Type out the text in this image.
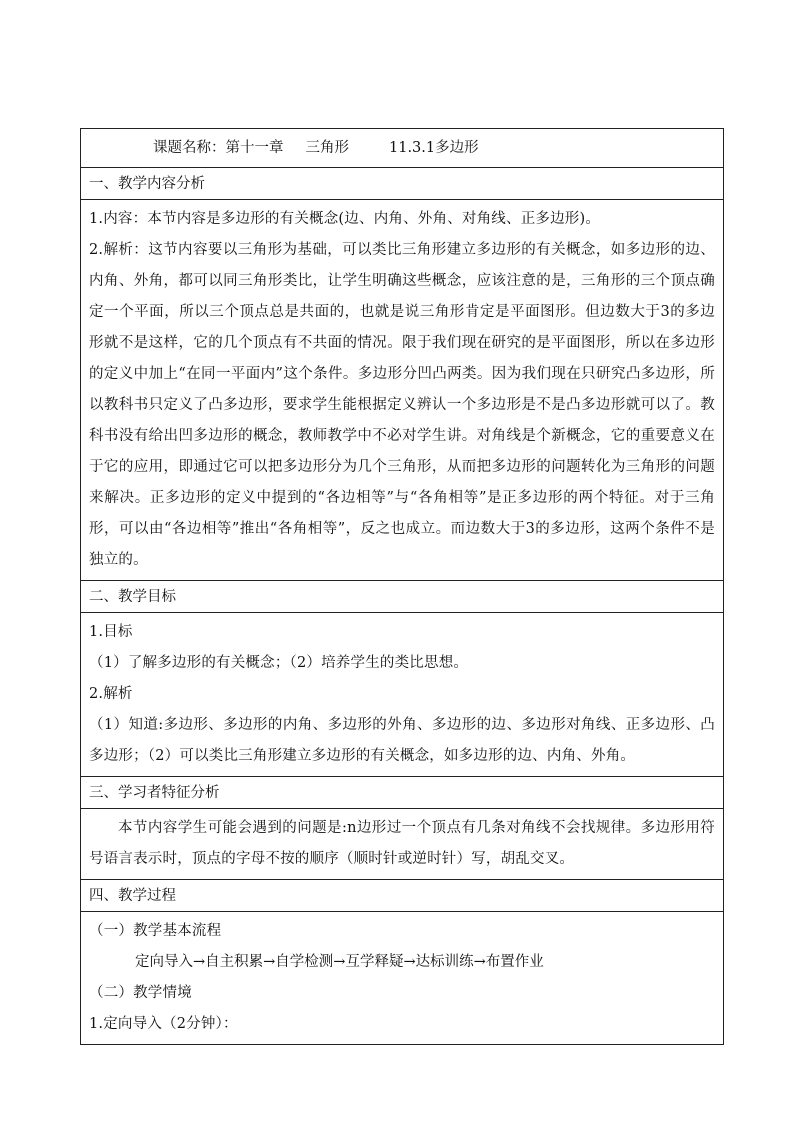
课题名称：第十一章 三角形	11.3.1多边形
一、教学内容分析
1.内容：本节内容是多边形的有关概念(边、内角、外角、对角线、正多边形)。
2.解析：这节内容要以三角形为基础，可以类比三角形建立多边形的有关概念，如多边形的边、内角、外角，都可以同三角形类比，让学生明确这些概念，应该注意的是，三角形的三个顶点确定一个平面，所以三个顶点总是共面的，也就是说三角形肯定是平面图形。但边数大于3的多边形就不是这样，它的几个顶点有不共面的情况。限于我们现在研究的是平面图形，所以在多边形的定义中加上“在同一平面内”这个条件。多边形分凹凸两类。因为我们现在只研究凸多边形，所以教科书只定义了凸多边形，要求学生能根据定义辨认一个多边形是不是凸多边形就可以了。教科书没有给出凹多边形的概念，教师教学中不必对学生讲。对角线是个新概念，它的重要意义在于它的应用，即通过它可以把多边形分为几个三角形，从而把多边形的问题转化为三角形的问题来解决。正多边形的定义中提到的“各边相等”与“各角相等”是正多边形的两个特征。对于三角形，可以由“各边相等”推出“各角相等”，反之也成立。而边数大于3的多边形，这两个条件不是独立的。
二、教学目标
1.目标
（1）了解多边形的有关概念；（2）培养学生的类比思想。
2.解析
（1）知道:多边形、多边形的内角、多边形的外角、多边形的边、多边形对角线、正多边形、凸多边形；（2）可以类比三角形建立多边形的有关概念，如多边形的边、内角、外角。
三、学习者特征分析
本节内容学生可能会遇到的问题是:n边形过一个顶点有几条对角线不会找规律。多边形用符号语言表示时，顶点的字母不按的顺序（顺时针或逆时针）写，胡乱交叉。
四、教学过程
（一）教学基本流程
定向导入→自主积累→自学检测→互学释疑→达标训练→布置作业
（二）教学情境
1.定向导入（2分钟）：
